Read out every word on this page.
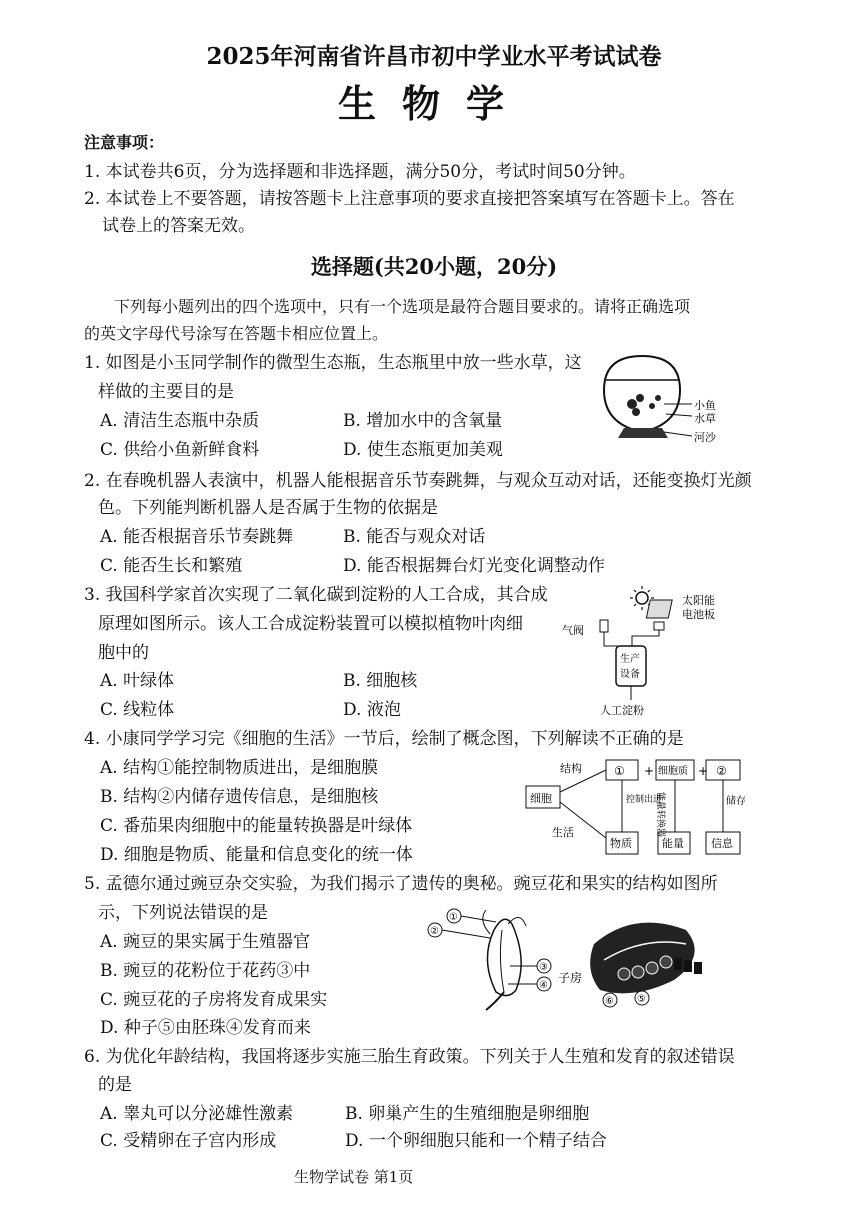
2025年河南省许昌市初中学业水平考试试卷
生物学
注意事项：
1. 本试卷共6页，分为选择题和非选择题，满分50分，考试时间50分钟。
2. 本试卷上不要答题，请按答题卡上注意事项的要求直接把答案填写在答题卡上。答在
试卷上的答案无效。
选择题(共20小题，20分)
下列每小题列出的四个选项中，只有一个选项是最符合题目要求的。请将正确选项
的英文字母代号涂写在答题卡相应位置上。
1. 如图是小玉同学制作的微型生态瓶，生态瓶里中放一些水草，这
样做的主要目的是
A. 清洁生态瓶中杂质	B. 增加水中的含氧量
C. 供给小鱼新鲜食料	D. 使生态瓶更加美观
小鱼
水草
河沙
2. 在春晚机器人表演中，机器人能根据音乐节奏跳舞，与观众互动对话，还能变换灯光颜
色。下列能判断机器人是否属于生物的依据是
A. 能否根据音乐节奏跳舞	B. 能否与观众对话
C. 能否生长和繁殖	D. 能否根据舞台灯光变化调整动作
3. 我国科学家首次实现了二氧化碳到淀粉的人工合成，其合成
原理如图所示。该人工合成淀粉装置可以模拟植物叶肉细
胞中的
A. 叶绿体	B. 细胞核
C. 线粒体	D. 液泡
太阳能
电池板
气阀
生产
设备
人工淀粉
4. 小康同学学习完《细胞的生活》一节后，绘制了概念图，下列解读不正确的是
A. 结构①能控制物质进出，是细胞膜
B. 结构②内储存遗传信息，是细胞核
C. 番茄果肉细胞中的能量转换器是叶绿体
D. 细胞是物质、能量和信息变化的统一体
细胞
结构
生活
① + 细胞质 + ②
控制出进
能量转换器	储存
物质	能量 信息
5. 孟德尔通过豌豆杂交实验，为我们揭示了遗传的奥秘。豌豆花和果实的结构如图所
示，下列说法错误的是
A. 豌豆的果实属于生殖器官
B. 豌豆的花粉位于花药③中
C. 豌豆花的子房将发育成果实
D. 种子⑤由胚珠④发育而来
①
②
③
④
子房
⑥ ⑤
6. 为优化年龄结构，我国将逐步实施三胎生育政策。下列关于人生殖和发育的叙述错误
的是
A. 睾丸可以分泌雄性激素	B. 卵巢产生的生殖细胞是卵细胞
C. 受精卵在子宫内形成	D. 一个卵细胞只能和一个精子结合
生物学试卷 第1页
